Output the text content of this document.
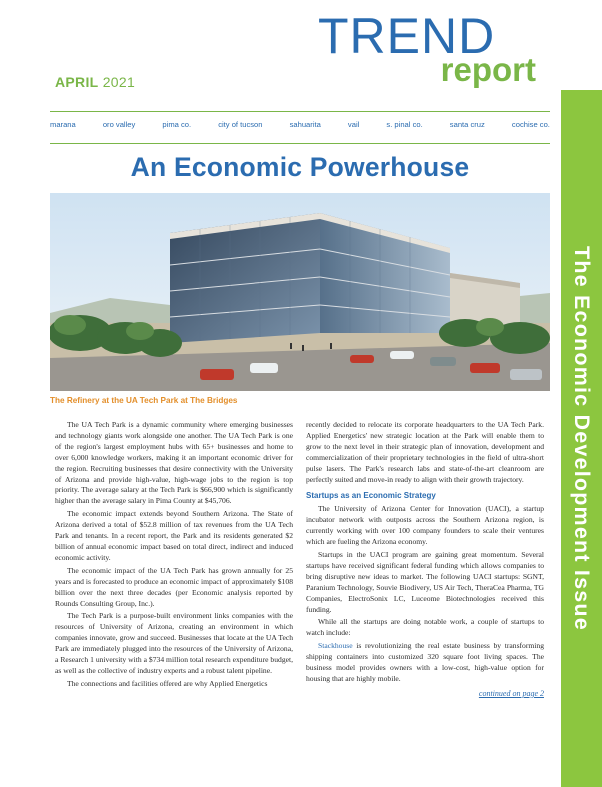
TREND
report
APRIL 2021
marana	oro valley	pima co.	city of tucson	sahuarita	vail	s. pinal co.	santa cruz	cochise co.
An Economic Powerhouse
The Refinery at the UA Tech Park at The Bridges

The UA Tech Park is a dynamic community where emerging businesses and technology giants work alongside one another. The UA Tech Park is one of the region's largest employment hubs with 65+ businesses and home to over 6,000 knowledge workers, making it an important economic driver for the region. Recruiting businesses that desire connectivity with the University of Arizona and provide high-value, high-wage jobs to the region is top priority. The average salary at the Tech Park is $66,900 which is significantly higher than the average salary in Pima County at $45,706.

The economic impact extends beyond Southern Arizona. The State of Arizona derived a total of $52.8 million of tax revenues from the UA Tech Park and tenants. In a recent report, the Park and its residents generated $2 billion of annual economic impact based on total direct, indirect and induced economic activity.

The economic impact of the UA Tech Park has grown annually for 25 years and is forecasted to produce an economic impact of approximately $108 billion over the next three decades (per Economic analysis reported by Rounds Consulting Group, Inc.).

The Tech Park is a purpose-built environment links companies with the resources of University of Arizona, creating an environment in which companies innovate, grow and succeed. Businesses that locate at the UA Tech Park are immediately plugged into the resources of the University of Arizona, a Research 1 university with a $734 million total research expenditure budget, as well as the collective of industry experts and a robust talent pipeline.

The connections and facilities offered are why Applied Energetics

recently decided to relocate its corporate headquarters to the UA Tech Park. Applied Energetics' new strategic location at the Park will enable them to grow to the next level in their strategic plan of innovation, development and commercialization of their proprietary technologies in the field of ultra-short pulse lasers. The Park's research labs and state-of-the-art cleanroom are perfectly suited and move-in ready to align with their growth trajectory.

Startups as an Economic Strategy

The University of Arizona Center for Innovation (UACI), a startup incubator network with outposts across the Southern Arizona region, is currently working with over 100 company founders to scale their ventures which are fueling the Arizona economy.

Startups in the UACI program are gaining great momentum. Several startups have received significant federal funding which allows companies to bring disruptive new ideas to market. The following UACI startups: SGNT, Paranium Technology, Souvie Biodivery, US Air Tech, TheraCea Pharma, TG Companies, ElectroSonix LC, Luceome Biotechnologies received this funding.

While all the startups are doing notable work, a couple of startups to watch include:

Stackhouse is revolutionizing the real estate business by transforming shipping containers into customized 320 square foot living spaces. The business model provides owners with a low-cost, high-value option for housing that are highly mobile.

continued on page 2
The Economic Development Issue
